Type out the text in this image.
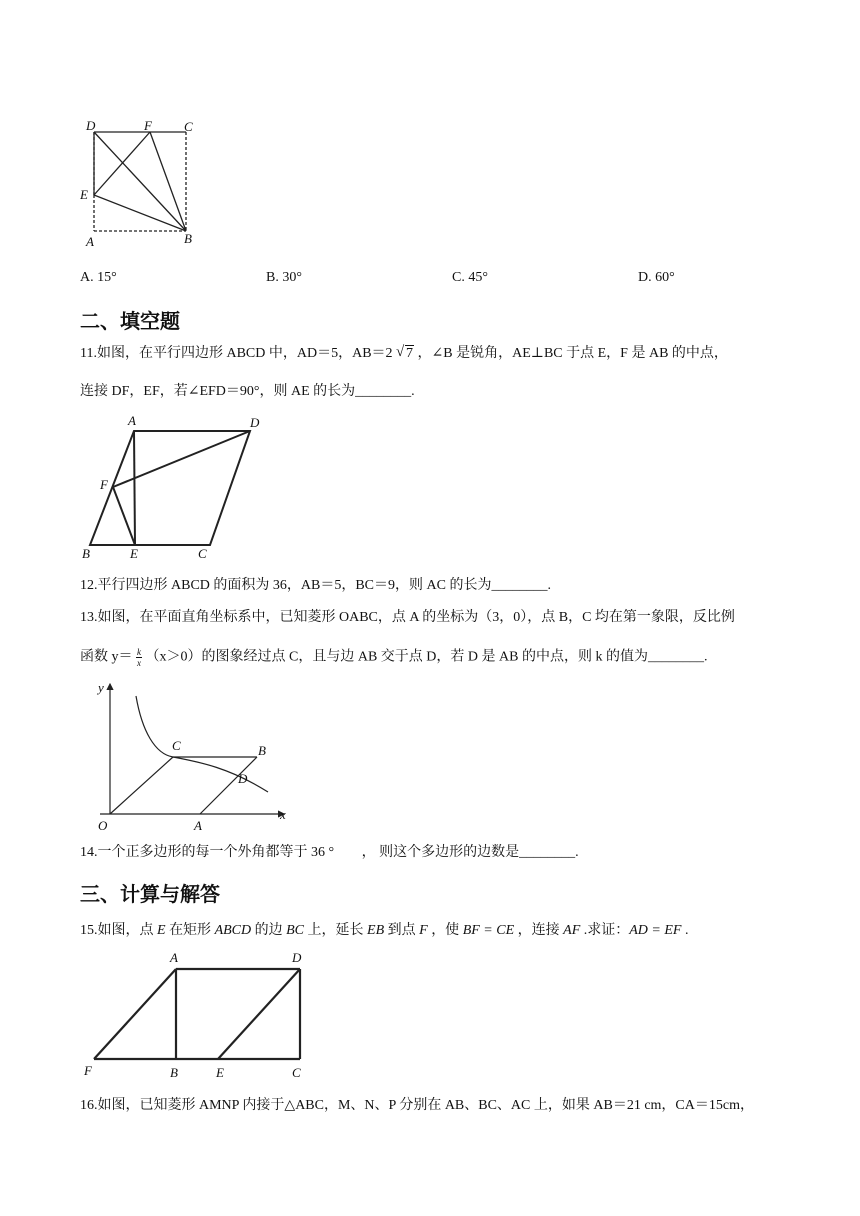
D	F C
E
A	B
A. 15°	B. 30°	C. 45°	D. 60°
二、填空题
11.如图，在平行四边形 ABCD 中，AD＝5，AB＝2 √ 7 ，∠B 是锐角，AE⊥BC 于点 E，F 是 AB 的中点，
连接 DF，EF，若∠EFD＝90°，则 AE 的长为________.
A	D
F
B	E	C
12.平行四边形 ABCD 的面积为 36，AB＝5，BC＝9，则 AC 的长为________.
13.如图，在平面直角坐标系中，已知菱形 OABC，点 A 的坐标为（3，0），点 B，C 均在第一象限，反比例
函数 $y= \frac{k}{x} (x>0)$的图象经过点 C，且与边 AB 交于点 D，若 D 是 AB 的中点，则 k 的值为________.
y
x
O	A
C	B
D
14.一个正多边形的每一个外角都等于 36 ° ， 则这个多边形的边数是________.
三、计算与解答
15.如图，点 E 在矩形 ABCD 的边 BC 上，延长 EB 到点 F ，使 BF = CE ，连接 AF .求证：AD = EF .
A	D
F	B	E	C
16.如图，已知菱形 AMNP 内接于△ABC，M、N、P 分别在 AB、BC、AC 上，如果 AB＝21 cm，CA＝15cm，
